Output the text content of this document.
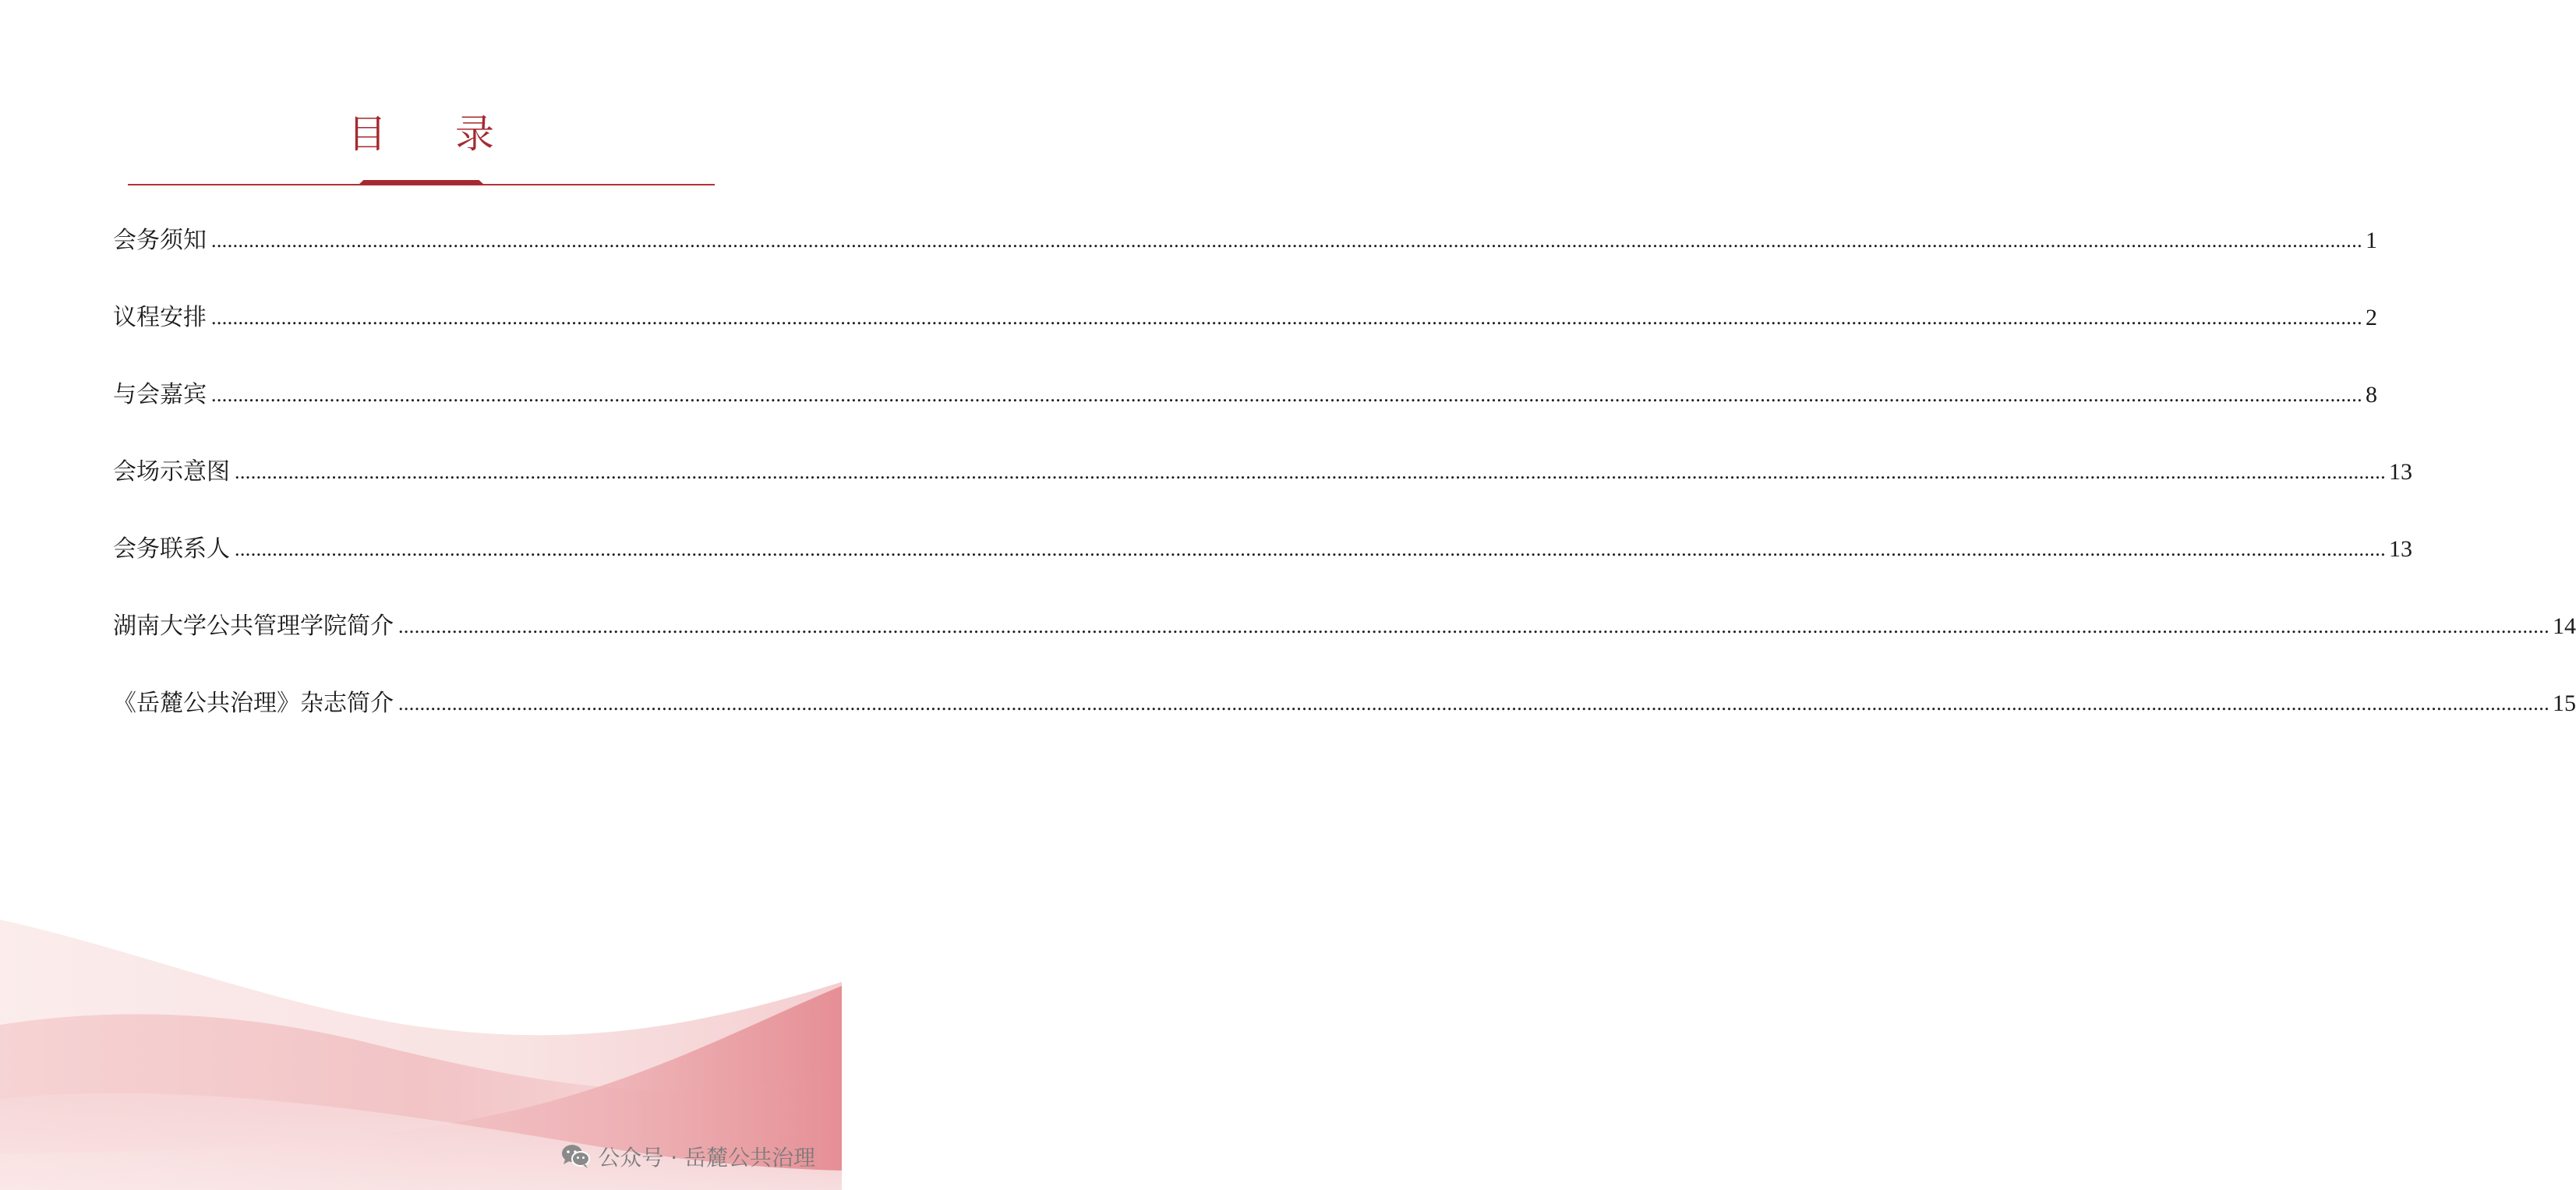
目 录
会务须知 ................................................................................................................................................................................................................................................................................................................................................................................................................ 1
议程安排 ................................................................................................................................................................................................................................................................................................................................................................................................................ 2
与会嘉宾 ................................................................................................................................................................................................................................................................................................................................................................................................................ 8
会场示意图 ................................................................................................................................................................................................................................................................................................................................................................................................................ 13
会务联系人 ................................................................................................................................................................................................................................................................................................................................................................................................................ 13
湖南大学公共管理学院简介 ................................................................................................................................................................................................................................................................................................................................................................................................................ 14
《岳麓公共治理》杂志简介 ................................................................................................................................................................................................................................................................................................................................................................................................................ 15
公众号 · 岳麓公共治理
